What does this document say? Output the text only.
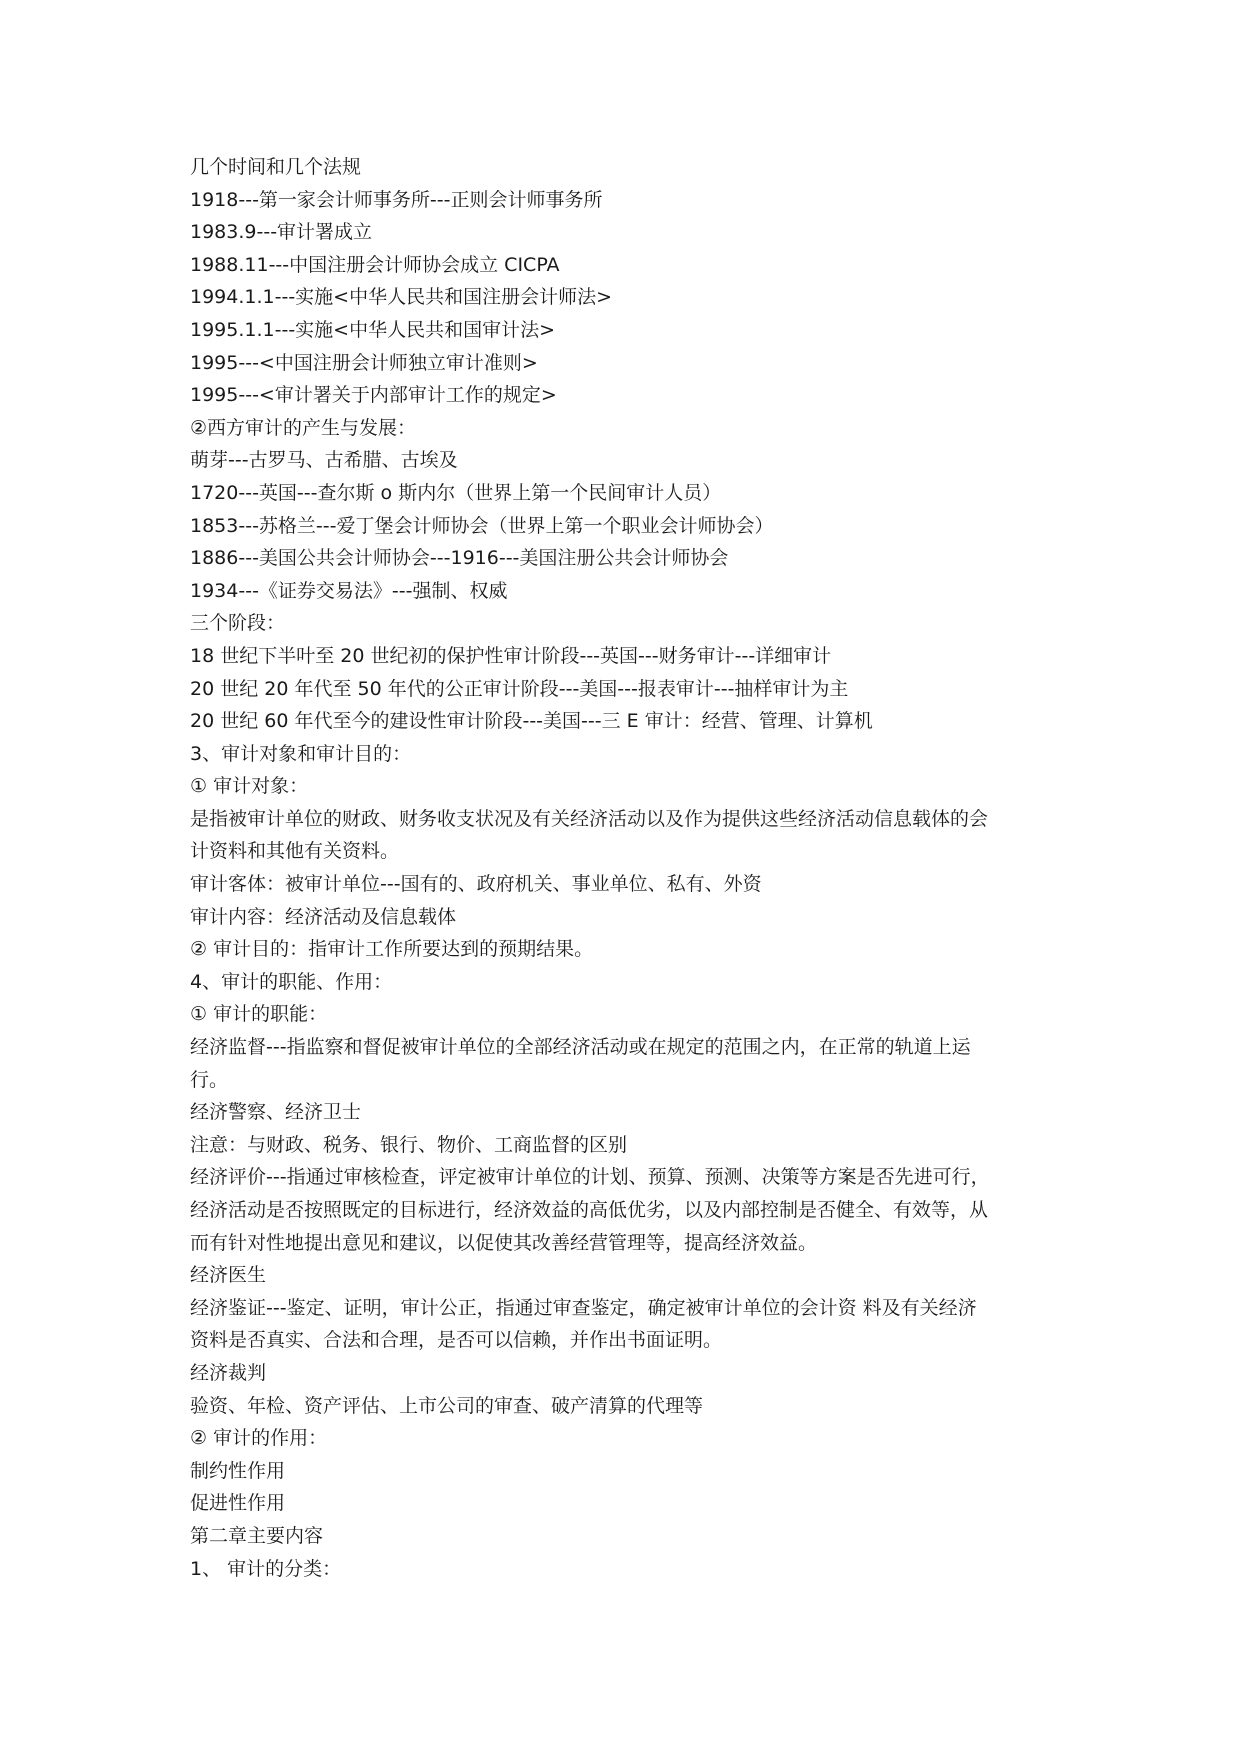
几个时间和几个法规

1918---第一家会计师事务所---正则会计师事务所

1983.9---审计署成立

1988.11---中国注册会计师协会成立 CICPA

1994.1.1---实施<中华人民共和国注册会计师法>

1995.1.1---实施<中华人民共和国审计法>

1995---<中国注册会计师独立审计准则>

1995---<审计署关于内部审计工作的规定>

②西方审计的产生与发展：

萌芽---古罗马、古希腊、古埃及

1720---英国---查尔斯 o 斯内尔（世界上第一个民间审计人员）

1853---苏格兰---爱丁堡会计师协会（世界上第一个职业会计师协会）

1886---美国公共会计师协会---1916---美国注册公共会计师协会

1934---《证券交易法》---强制、权威

三个阶段：

18 世纪下半叶至 20 世纪初的保护性审计阶段---英国---财务审计---详细审计

20 世纪 20 年代至 50 年代的公正审计阶段---美国---报表审计---抽样审计为主

20 世纪 60 年代至今的建设性审计阶段---美国---三 E 审计：经营、管理、计算机

3、审计对象和审计目的：

① 审计对象：

是指被审计单位的财政、财务收支状况及有关经济活动以及作为提供这些经济活动信息载体的会

计资料和其他有关资料。

审计客体：被审计单位---国有的、政府机关、事业单位、私有、外资

审计内容：经济活动及信息载体

② 审计目的：指审计工作所要达到的预期结果。

4、审计的职能、作用：

① 审计的职能：

经济监督---指监察和督促被审计单位的全部经济活动或在规定的范围之内，在正常的轨道上运

行。

经济警察、经济卫士

注意：与财政、税务、银行、物价、工商监督的区别

经济评价---指通过审核检查，评定被审计单位的计划、预算、预测、决策等方案是否先进可行，

经济活动是否按照既定的目标进行，经济效益的高低优劣，以及内部控制是否健全、有效等，从

而有针对性地提出意见和建议，以促使其改善经营管理等，提高经济效益。

经济医生

经济鉴证---鉴定、证明，审计公正，指通过审查鉴定，确定被审计单位的会计资 料及有关经济

资料是否真实、合法和合理，是否可以信赖，并作出书面证明。

经济裁判

验资、年检、资产评估、上市公司的审查、破产清算的代理等

② 审计的作用：

制约性作用

促进性作用

第二章主要内容

1、 审计的分类：
